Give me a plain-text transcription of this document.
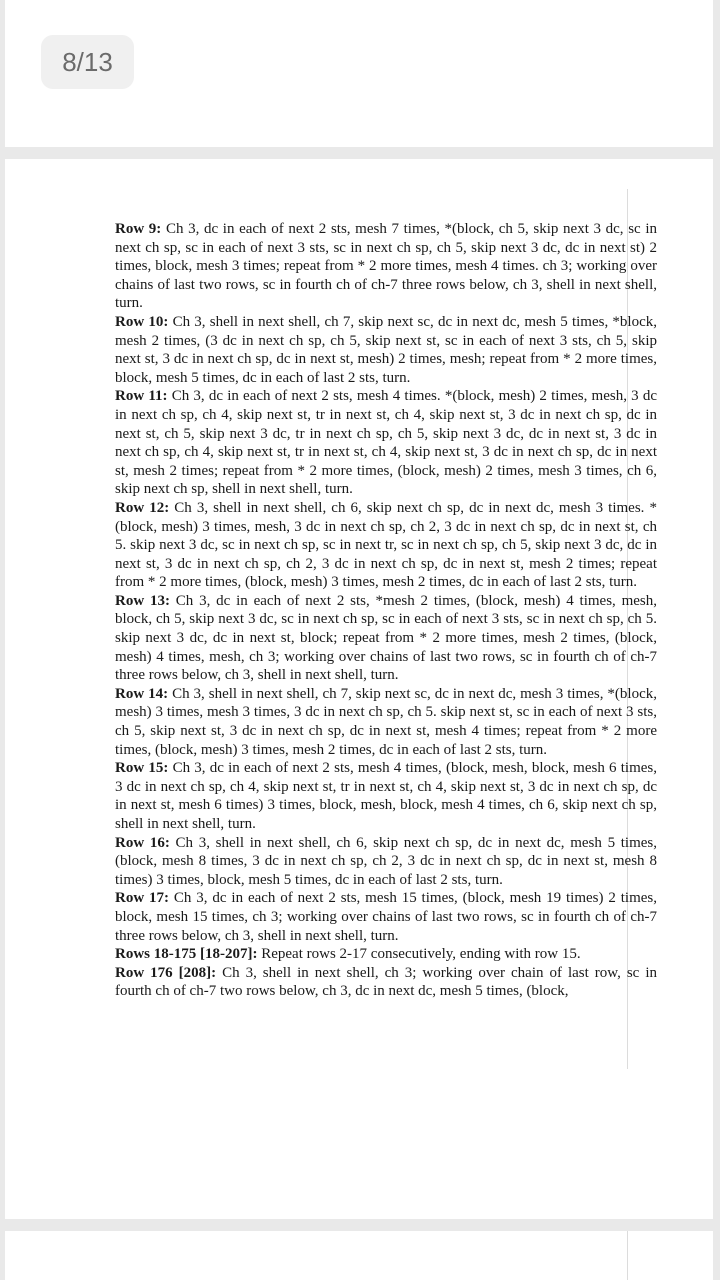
8/13

Row 9: Ch 3, dc in each of next 2 sts, mesh 7 times, *(block, ch 5, skip next 3 dc, sc in next ch sp, sc in each of next 3 sts, sc in next ch sp, ch 5, skip next 3 dc, dc in next st) 2 times, block, mesh 3 times; repeat from * 2 more times, mesh 4 times. ch 3; working over chains of last two rows, sc in fourth ch of ch-7 three rows below, ch 3, shell in next shell, turn.

Row 10: Ch 3, shell in next shell, ch 7, skip next sc, dc in next dc, mesh 5 times, *block, mesh 2 times, (3 dc in next ch sp, ch 5, skip next st, sc in each of next 3 sts, ch 5, skip next st, 3 dc in next ch sp, dc in next st, mesh) 2 times, mesh; repeat from * 2 more times, block, mesh 5 times, dc in each of last 2 sts, turn.

Row 11: Ch 3, dc in each of next 2 sts, mesh 4 times. *(block, mesh) 2 times, mesh, 3 dc in next ch sp, ch 4, skip next st, tr in next st, ch 4, skip next st, 3 dc in next ch sp, dc in next st, ch 5, skip next 3 dc, tr in next ch sp, ch 5, skip next 3 dc, dc in next st, 3 dc in next ch sp, ch 4, skip next st, tr in next st, ch 4, skip next st, 3 dc in next ch sp, dc in next st, mesh 2 times; repeat from * 2 more times, (block, mesh) 2 times, mesh 3 times, ch 6, skip next ch sp, shell in next shell, turn.

Row 12: Ch 3, shell in next shell, ch 6, skip next ch sp, dc in next dc, mesh 3 times. * (block, mesh) 3 times, mesh, 3 dc in next ch sp, ch 2, 3 dc in next ch sp, dc in next st, ch 5. skip next 3 dc, sc in next ch sp, sc in next tr, sc in next ch sp, ch 5, skip next 3 dc, dc in next st, 3 dc in next ch sp, ch 2, 3 dc in next ch sp, dc in next st, mesh 2 times; repeat from * 2 more times, (block, mesh) 3 times, mesh 2 times, dc in each of last 2 sts, turn.

Row 13: Ch 3, dc in each of next 2 sts, *mesh 2 times, (block, mesh) 4 times, mesh, block, ch 5, skip next 3 dc, sc in next ch sp, sc in each of next 3 sts, sc in next ch sp, ch 5. skip next 3 dc, dc in next st, block; repeat from * 2 more times, mesh 2 times, (block, mesh) 4 times, mesh, ch 3; working over chains of last two rows, sc in fourth ch of ch-7 three rows below, ch 3, shell in next shell, turn.

Row 14: Ch 3, shell in next shell, ch 7, skip next sc, dc in next dc, mesh 3 times, *(block, mesh) 3 times, mesh 3 times, 3 dc in next ch sp, ch 5. skip next st, sc in each of next 3 sts, ch 5, skip next st, 3 dc in next ch sp, dc in next st, mesh 4 times; repeat from * 2 more times, (block, mesh) 3 times, mesh 2 times, dc in each of last 2 sts, turn.

Row 15: Ch 3, dc in each of next 2 sts, mesh 4 times, (block, mesh, block, mesh 6 times, 3 dc in next ch sp, ch 4, skip next st, tr in next st, ch 4, skip next st, 3 dc in next ch sp, dc in next st, mesh 6 times) 3 times, block, mesh, block, mesh 4 times, ch 6, skip next ch sp, shell in next shell, turn.

Row 16: Ch 3, shell in next shell, ch 6, skip next ch sp, dc in next dc, mesh 5 times, (block, mesh 8 times, 3 dc in next ch sp, ch 2, 3 dc in next ch sp, dc in next st, mesh 8 times) 3 times, block, mesh 5 times, dc in each of last 2 sts, turn.

Row 17: Ch 3, dc in each of next 2 sts, mesh 15 times, (block, mesh 19 times) 2 times, block, mesh 15 times, ch 3; working over chains of last two rows, sc in fourth ch of ch-7 three rows below, ch 3, shell in next shell, turn.

Rows 18-175 [18-207]: Repeat rows 2-17 consecutively, ending with row 15.

Row 176 [208]: Ch 3, shell in next shell, ch 3; working over chain of last row, sc in fourth ch of ch-7 two rows below, ch 3, dc in next dc, mesh 5 times, (block,
